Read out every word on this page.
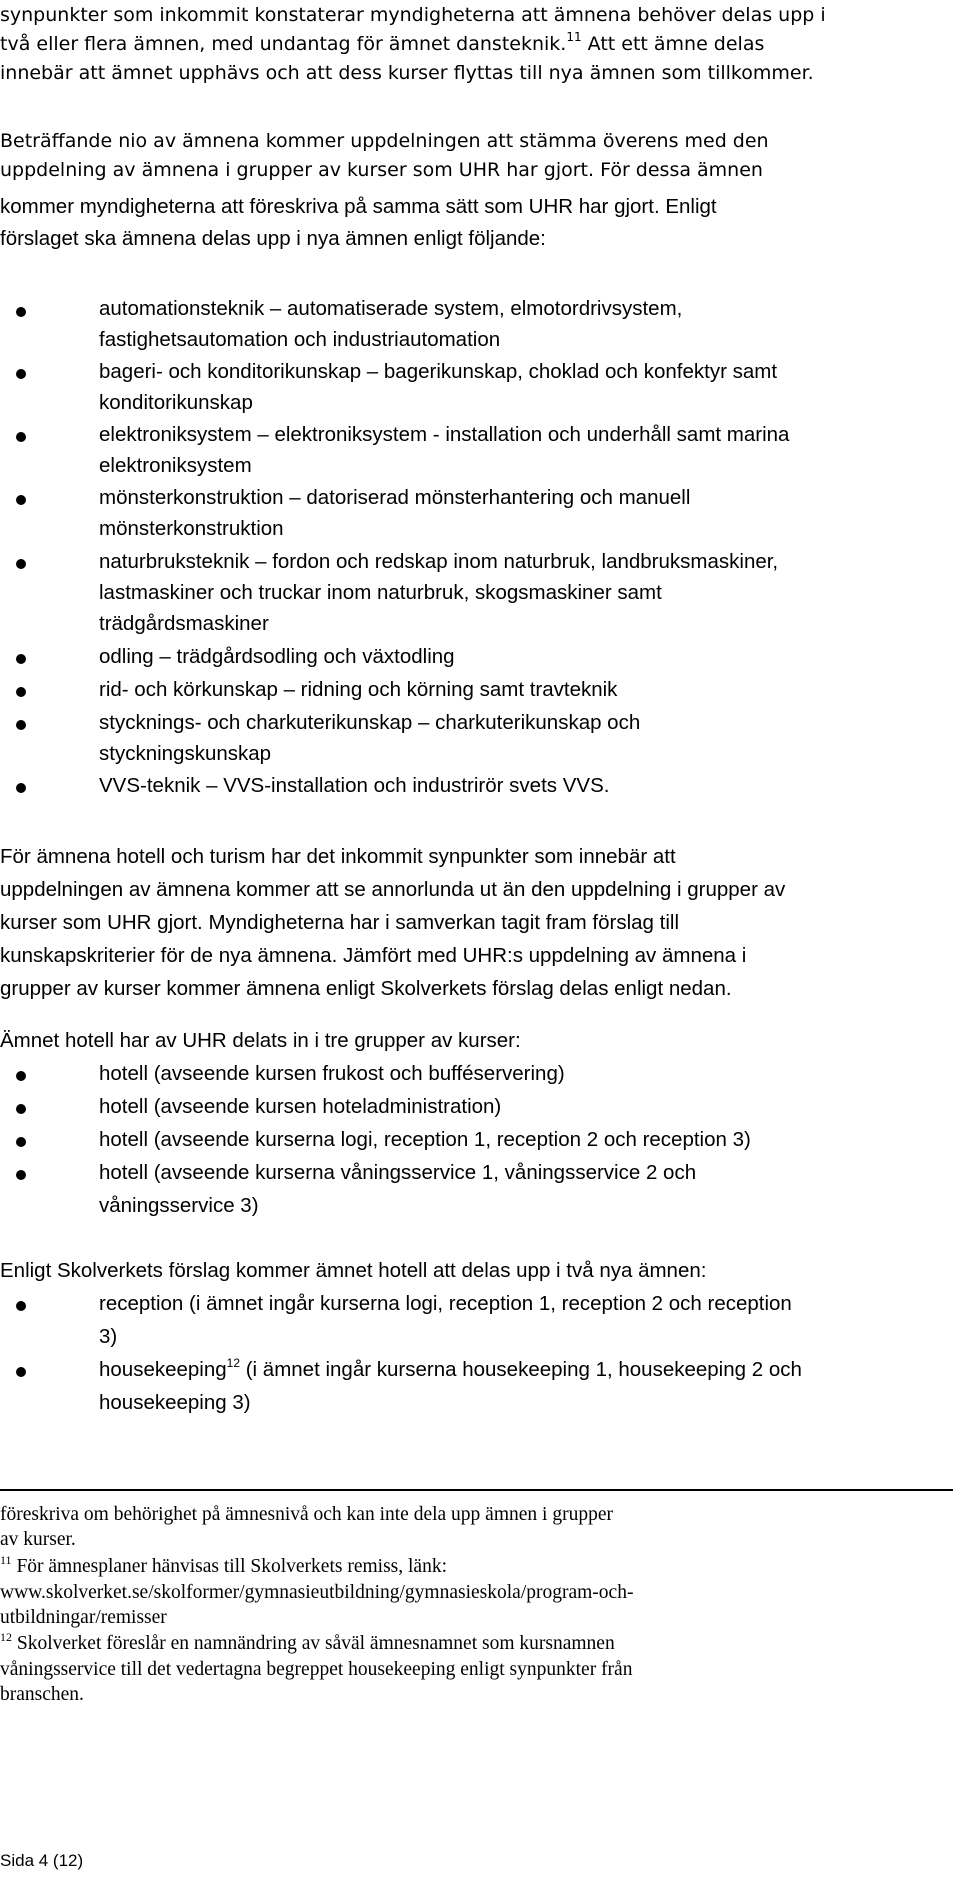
synpunkter som inkommit konstaterar myndigheterna att ämnena behöver delas upp i
två eller flera ämnen, med undantag för ämnet dansteknik.$^{11}$ Att ett ämne delas
innebär att ämnet upphävs och att dess kurser flyttas till nya ämnen som tillkommer.
Beträffande nio av ämnena kommer uppdelningen att stämma överens med den
uppdelning av ämnena i grupper av kurser som UHR har gjort. För dessa ämnen
kommer myndigheterna att föreskriva på samma sätt som UHR har gjort. Enligt
förslaget ska ämnena delas upp i nya ämnen enligt följande:
automationsteknik – automatiserade system, elmotordrivsystem,
fastighetsautomation och industriautomation
bageri- och konditorikunskap – bagerikunskap, choklad och konfektyr samt
konditorikunskap
elektroniksystem – elektroniksystem - installation och underhåll samt marina
elektroniksystem
mönsterkonstruktion – datoriserad mönsterhantering och manuell
mönsterkonstruktion
naturbruksteknik – fordon och redskap inom naturbruk, landbruksmaskiner,
lastmaskiner och truckar inom naturbruk, skogsmaskiner samt
trädgårdsmaskiner
odling – trädgårdsodling och växtodling
rid- och körkunskap – ridning och körning samt travteknik
stycknings- och charkuterikunskap – charkuterikunskap och
styckningskunskap
VVS-teknik – VVS-installation och industrirör svets VVS.
För ämnena hotell och turism har det inkommit synpunkter som innebär att
uppdelningen av ämnena kommer att se annorlunda ut än den uppdelning i grupper av
kurser som UHR gjort. Myndigheterna har i samverkan tagit fram förslag till
kunskapskriterier för de nya ämnena. Jämfört med UHR:s uppdelning av ämnena i
grupper av kurser kommer ämnena enligt Skolverkets förslag delas enligt nedan.
Ämnet hotell har av UHR delats in i tre grupper av kurser:
hotell (avseende kursen frukost och bufféservering)
hotell (avseende kursen hoteladministration)
hotell (avseende kurserna logi, reception 1, reception 2 och reception 3)
hotell (avseende kurserna våningsservice 1, våningsservice 2 och
våningsservice 3)
Enligt Skolverkets förslag kommer ämnet hotell att delas upp i två nya ämnen:
reception (i ämnet ingår kurserna logi, reception 1, reception 2 och reception
3)
housekeeping$^{12}$ (i ämnet ingår kurserna housekeeping 1, housekeeping 2 och
housekeeping 3)
föreskriva om behörighet på ämnesnivå och kan inte dela upp ämnen i grupper
av kurser.
$^{11}$ För ämnesplaner hänvisas till Skolverkets remiss, länk:
www.skolverket.se/skolformer/gymnasieutbildning/gymnasieskola/program-och-
utbildningar/remisser
$^{12}$ Skolverket föreslår en namnändring av såväl ämnesnamnet som kursnamnen
våningsservice till det vedertagna begreppet housekeeping enligt synpunkter från
branschen.
Sida 4 (12)
